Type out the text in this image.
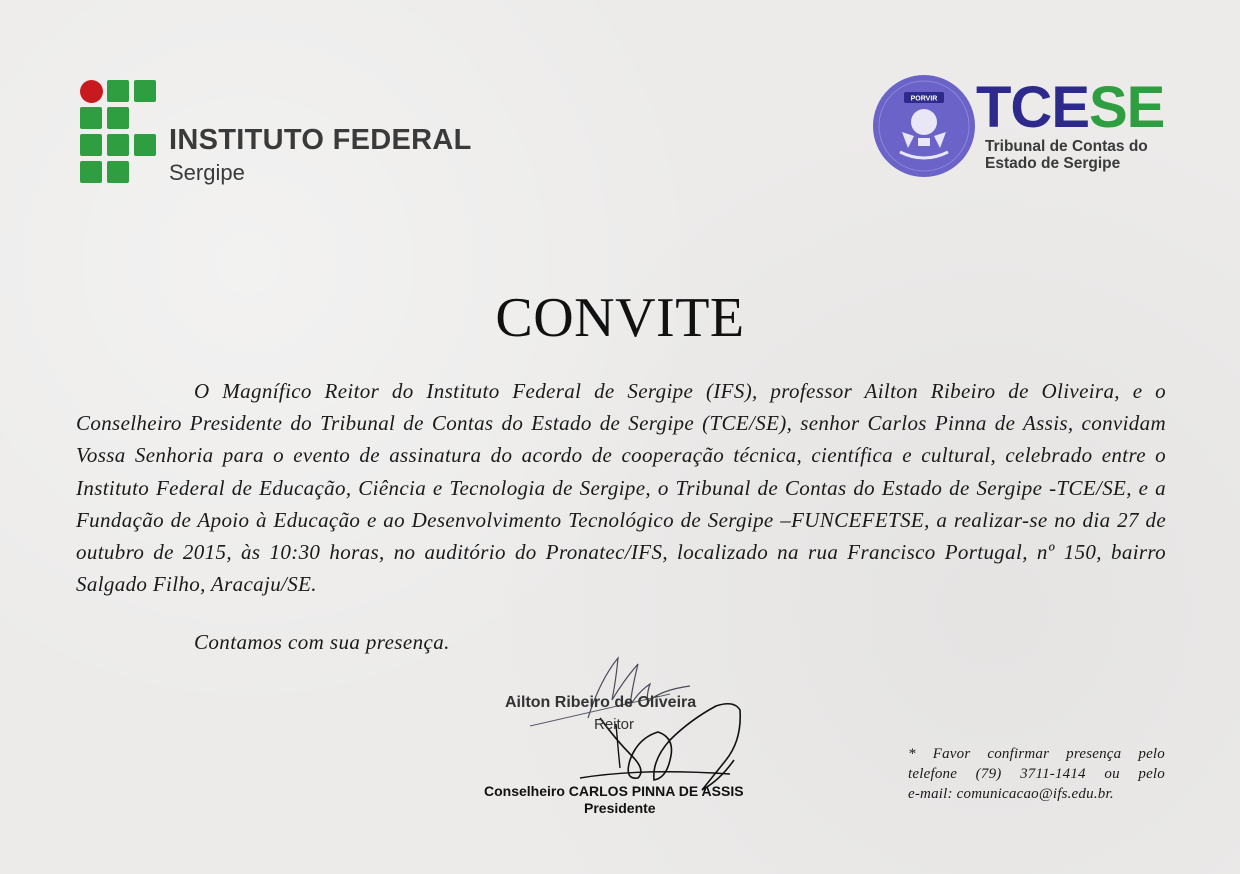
INSTITUTO FEDERAL
Sergipe
PORVIR TCESE
Tribunal de Contas do
Estado de Sergipe
CONVITE

O Magnífico Reitor do Instituto Federal de Sergipe (IFS), professor Ailton Ribeiro de Oliveira, e o Conselheiro Presidente do Tribunal de Contas do Estado de Sergipe (TCE/SE), senhor Carlos Pinna de Assis, convidam Vossa Senhoria para o evento de assinatura do acordo de cooperação técnica, científica e cultural, celebrado entre o Instituto Federal de Educação, Ciência e Tecnologia de Sergipe, o Tribunal de Contas do Estado de Sergipe -TCE/SE, e a Fundação de Apoio à Educação e ao Desenvolvimento Tecnológico de Sergipe –FUNCEFETSE, a realizar-se no dia 27 de outubro de 2015, às 10:30 horas, no auditório do Pronatec/IFS, localizado na rua Francisco Portugal, nº 150, bairro Salgado Filho, Aracaju/SE.

Contamos com sua presença.

Ailton Ribeiro de Oliveira
Reitor
Conselheiro CARLOS PINNA DE ASSIS
Presidente
* Favor confirmar presença pelo
telefone (79) 3711-1414 ou pelo
e-mail: comunicacao@ifs.edu.br.
